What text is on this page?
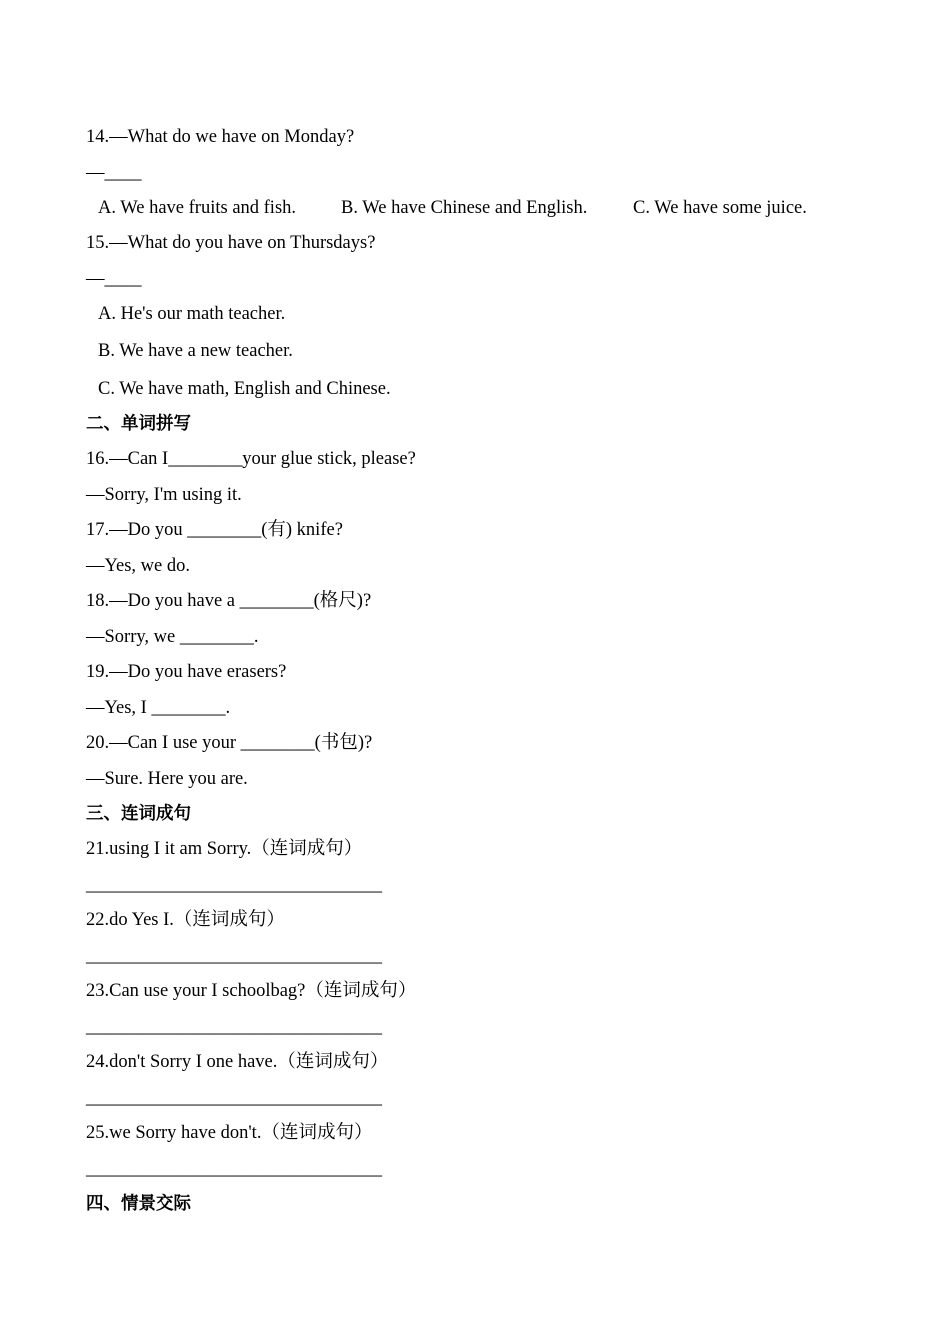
14.—What do we have on Monday?
—____

A. We have fruits and fish.

B. We have Chinese and English.

C. We have some juice.

15.—What do you have on Thursdays?
—____
A. He's our math teacher.
B. We have a new teacher.
C. We have math, English and Chinese.
二、单词拼写
16.—Can I________your glue stick, please?
—Sorry, I'm using it.
17.—Do you ________(有) knife?
—Yes, we do.
18.—Do you have a ________(格尺)?
—Sorry, we ________.
19.—Do you have erasers?
—Yes, I ________.
20.—Can I use your ________(书包)?
—Sure. Here you are.
三、连词成句
21.using I it am Sorry.（连词成句）
________________________________
22.do Yes I.（连词成句）
________________________________
23.Can use your I schoolbag?（连词成句）
________________________________
24.don't Sorry I one have.（连词成句）
________________________________
25.we Sorry have don't.（连词成句）
________________________________
四、情景交际
